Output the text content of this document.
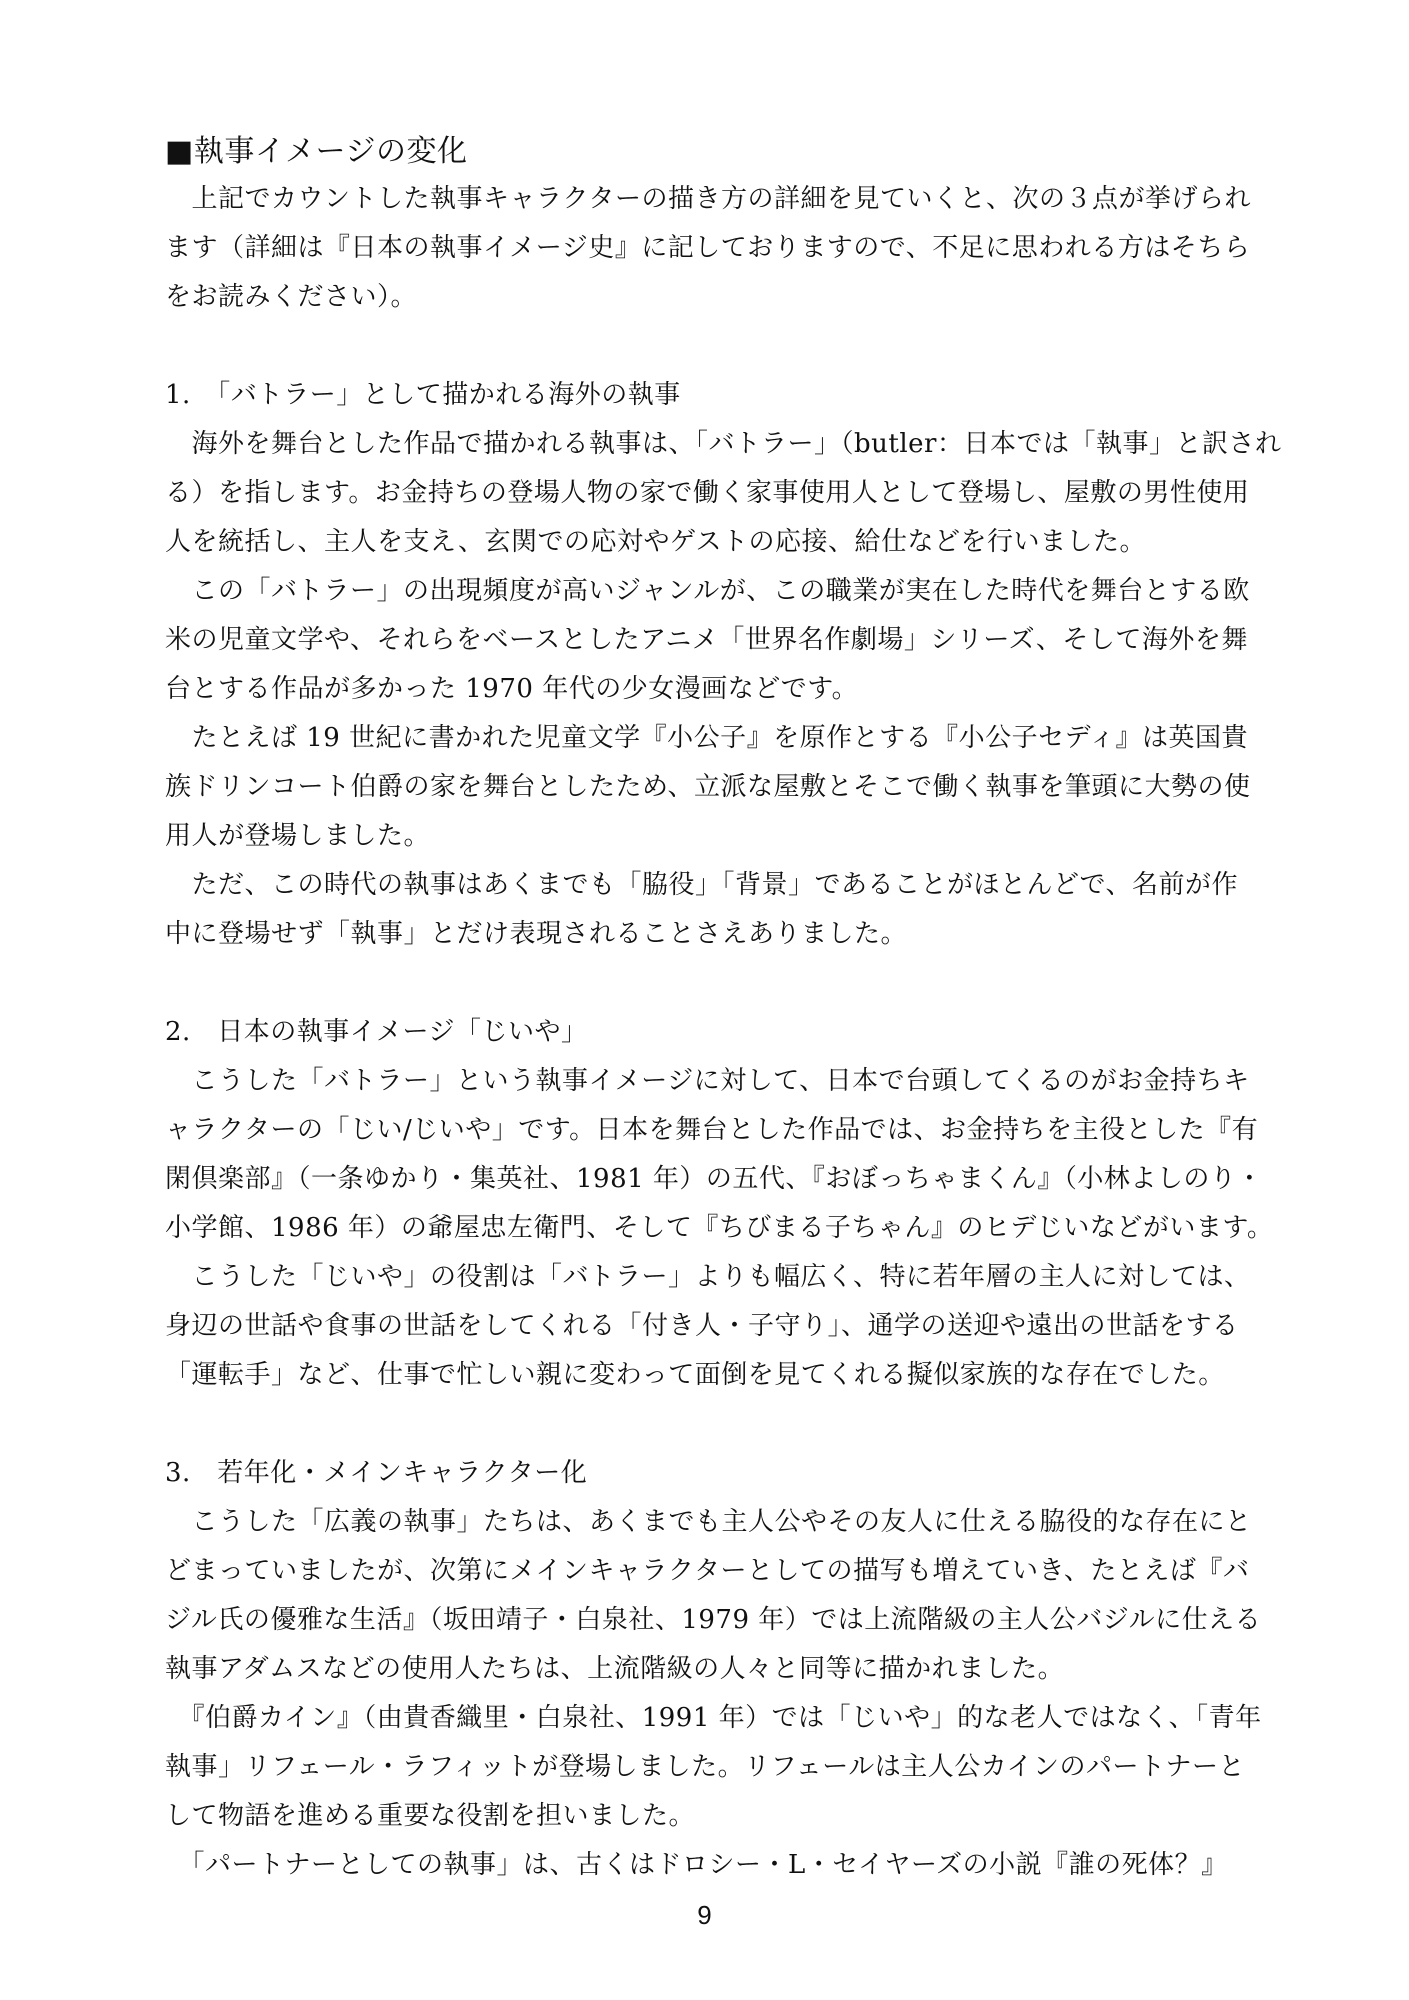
■執事イメージの変化
　上記でカウントした執事キャラクターの描き方の詳細を見ていくと、次の３点が挙げられ
ます（詳細は『日本の執事イメージ史』に記しておりますので、不足に思われる方はそちら
をお読みください）。
1.　「バトラー」として描かれる海外の執事
　海外を舞台とした作品で描かれる執事は、「バトラー」（butler：日本では「執事」と訳され
る）を指します。お金持ちの登場人物の家で働く家事使用人として登場し、屋敷の男性使用
人を統括し、主人を支え、玄関での応対やゲストの応接、給仕などを行いました。
　この「バトラー」の出現頻度が高いジャンルが、この職業が実在した時代を舞台とする欧
米の児童文学や、それらをベースとしたアニメ「世界名作劇場」シリーズ、そして海外を舞
台とする作品が多かった 1970 年代の少女漫画などです。
　たとえば 19 世紀に書かれた児童文学『小公子』を原作とする『小公子セディ』は英国貴
族ドリンコート伯爵の家を舞台としたため、立派な屋敷とそこで働く執事を筆頭に大勢の使
用人が登場しました。
　ただ、この時代の執事はあくまでも「脇役」「背景」であることがほとんどで、名前が作
中に登場せず「執事」とだけ表現されることさえありました。
2.　日本の執事イメージ「じいや」
　こうした「バトラー」という執事イメージに対して、日本で台頭してくるのがお金持ちキ
ャラクターの「じい/じいや」です。日本を舞台とした作品では、お金持ちを主役とした『有
閑倶楽部』（一条ゆかり・集英社、1981 年）の五代、『おぼっちゃまくん』（小林よしのり・
小学館、1986 年）の爺屋忠左衛門、そして『ちびまる子ちゃん』のヒデじいなどがいます。
　こうした「じいや」の役割は「バトラー」よりも幅広く、特に若年層の主人に対しては、
身辺の世話や食事の世話をしてくれる「付き人・子守り」、通学の送迎や遠出の世話をする
「運転手」など、仕事で忙しい親に変わって面倒を見てくれる擬似家族的な存在でした。
3.　若年化・メインキャラクター化
　こうした「広義の執事」たちは、あくまでも主人公やその友人に仕える脇役的な存在にと
どまっていましたが、次第にメインキャラクターとしての描写も増えていき、たとえば『バ
ジル氏の優雅な生活』（坂田靖子・白泉社、1979 年）では上流階級の主人公バジルに仕える
執事アダムスなどの使用人たちは、上流階級の人々と同等に描かれました。
　『伯爵カイン』（由貴香織里・白泉社、1991 年）では「じいや」的な老人ではなく、「青年
執事」リフェール・ラフィットが登場しました。リフェールは主人公カインのパートナーと
して物語を進める重要な役割を担いました。
　「パートナーとしての執事」は、古くはドロシー・L・セイヤーズの小説『誰の死体？』
9
